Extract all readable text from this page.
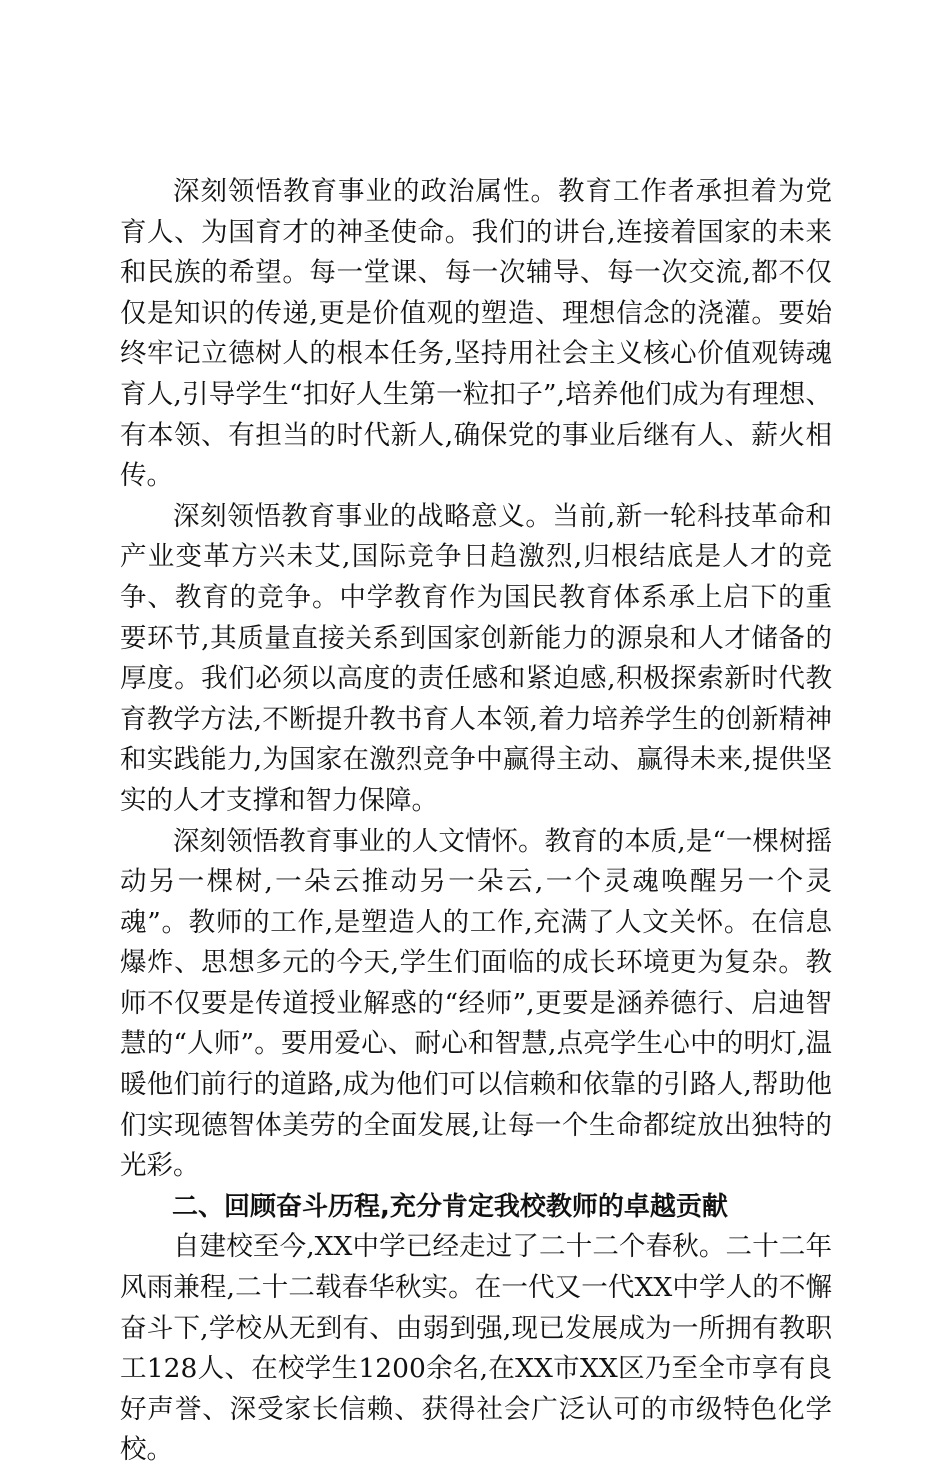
深刻领悟教育事业的政治属性。教育工作者承担着为党育人、为国育才的神圣使命。我们的讲台,连接着国家的未来和民族的希望。每一堂课、每一次辅导、每一次交流,都不仅仅是知识的传递,更是价值观的塑造、理想信念的浇灌。要始终牢记立德树人的根本任务,坚持用社会主义核心价值观铸魂育人,引导学生“扣好人生第一粒扣子”,培养他们成为有理想、有本领、有担当的时代新人,确保党的事业后继有人、薪火相传。

深刻领悟教育事业的战略意义。当前,新一轮科技革命和产业变革方兴未艾,国际竞争日趋激烈,归根结底是人才的竞争、教育的竞争。中学教育作为国民教育体系承上启下的重要环节,其质量直接关系到国家创新能力的源泉和人才储备的厚度。我们必须以高度的责任感和紧迫感,积极探索新时代教育教学方法,不断提升教书育人本领,着力培养学生的创新精神和实践能力,为国家在激烈竞争中赢得主动、赢得未来,提供坚实的人才支撑和智力保障。

深刻领悟教育事业的人文情怀。教育的本质,是“一棵树摇动另一棵树,一朵云推动另一朵云,一个灵魂唤醒另一个灵魂”。教师的工作,是塑造人的工作,充满了人文关怀。在信息爆炸、思想多元的今天,学生们面临的成长环境更为复杂。教师不仅要是传道授业解惑的“经师”,更要是涵养德行、启迪智慧的“人师”。要用爱心、耐心和智慧,点亮学生心中的明灯,温暖他们前行的道路,成为他们可以信赖和依靠的引路人,帮助他们实现德智体美劳的全面发展,让每一个生命都绽放出独特的光彩。

二、回顾奋斗历程,充分肯定我校教师的卓越贡献

自建校至今,XX中学已经走过了二十二个春秋。二十二年风雨兼程,二十二载春华秋实。在一代又一代XX中学人的不懈奋斗下,学校从无到有、由弱到强,现已发展成为一所拥有教职工128人、在校学生1200余名,在XX市XX区乃至全市享有良好声誉、深受家长信赖、获得社会广泛认可的市级特色化学校。
